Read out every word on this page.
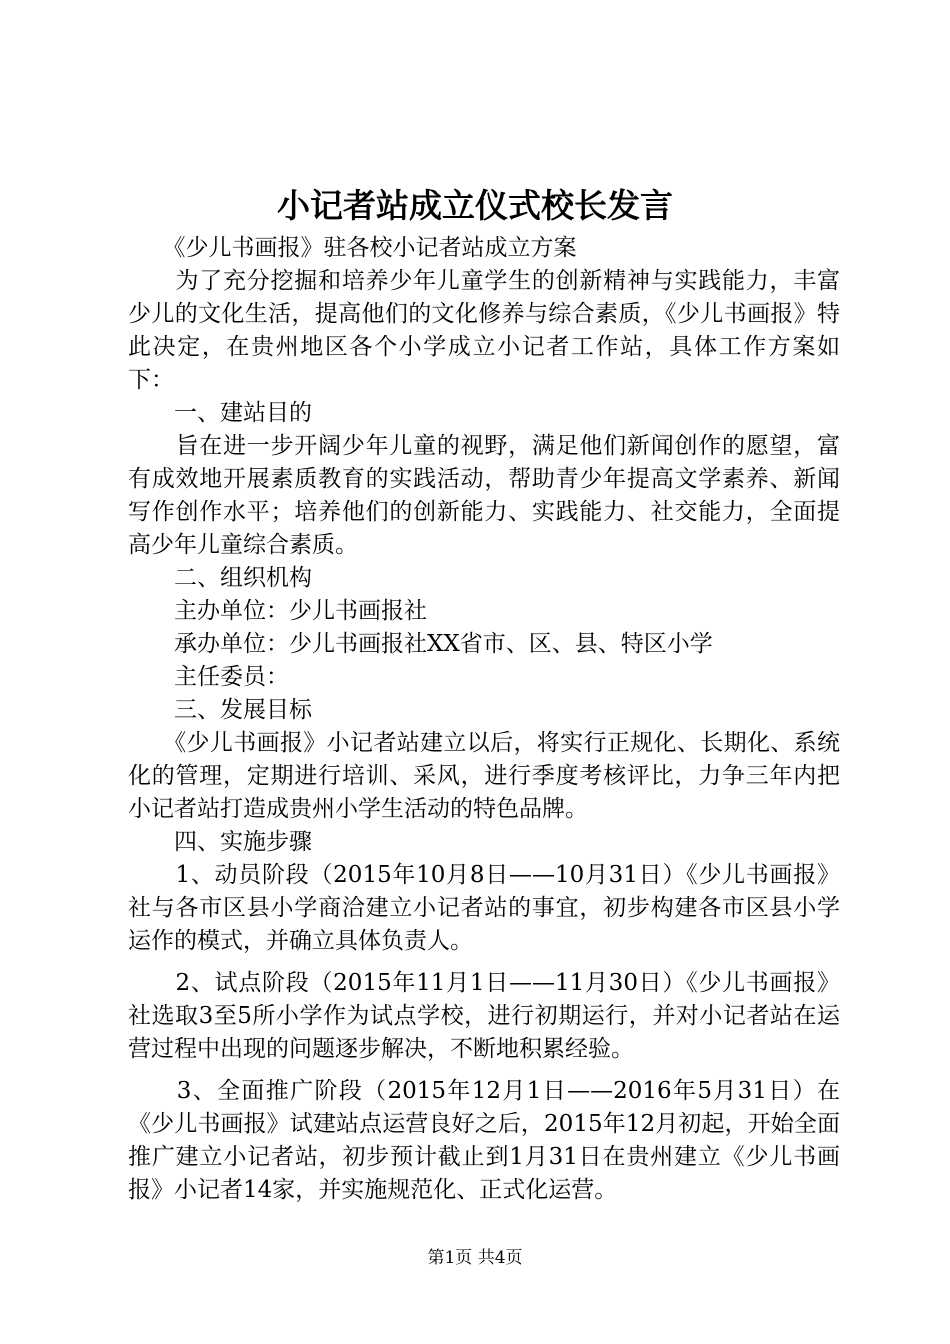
小记者站成立仪式校长发言

　　《少儿书画报》驻各校小记者站成立方案

　　为了充分挖掘和培养少年儿童学生的创新精神与实践能力，丰富少儿的文化生活，提高他们的文化修养与综合素质，《少儿书画报》特此决定，在贵州地区各个小学成立小记者工作站，具体工作方案如下：

　　一、建站目的

　　旨在进一步开阔少年儿童的视野，满足他们新闻创作的愿望，富有成效地开展素质教育的实践活动，帮助青少年提高文学素养、新闻写作创作水平；培养他们的创新能力、实践能力、社交能力，全面提高少年儿童综合素质。

　　二、组织机构

　　主办单位：少儿书画报社

　　承办单位：少儿书画报社XX省市、区、县、特区小学

　　主任委员：

　　三、发展目标

　　《少儿书画报》小记者站建立以后，将实行正规化、长期化、系统化的管理，定期进行培训、采风，进行季度考核评比，力争三年内把小记者站打造成贵州小学生活动的特色品牌。

　　四、实施步骤

　　1、动员阶段（2015年10月8日——10月31日）《少儿书画报》社与各市区县小学商洽建立小记者站的事宜，初步构建各市区县小学运作的模式，并确立具体负责人。

　　2、试点阶段（2015年11月1日——11月30日）《少儿书画报》社选取3至5所小学作为试点学校，进行初期运行，并对小记者站在运营过程中出现的问题逐步解决，不断地积累经验。

　　3、全面推广阶段（2015年12月1日——2016年5月31日）在《少儿书画报》试建站点运营良好之后，2015年12月初起，开始全面推广建立小记者站，初步预计截止到1月31日在贵州建立《少儿书画报》小记者14家，并实施规范化、正式化运营。

第1页 共4页
